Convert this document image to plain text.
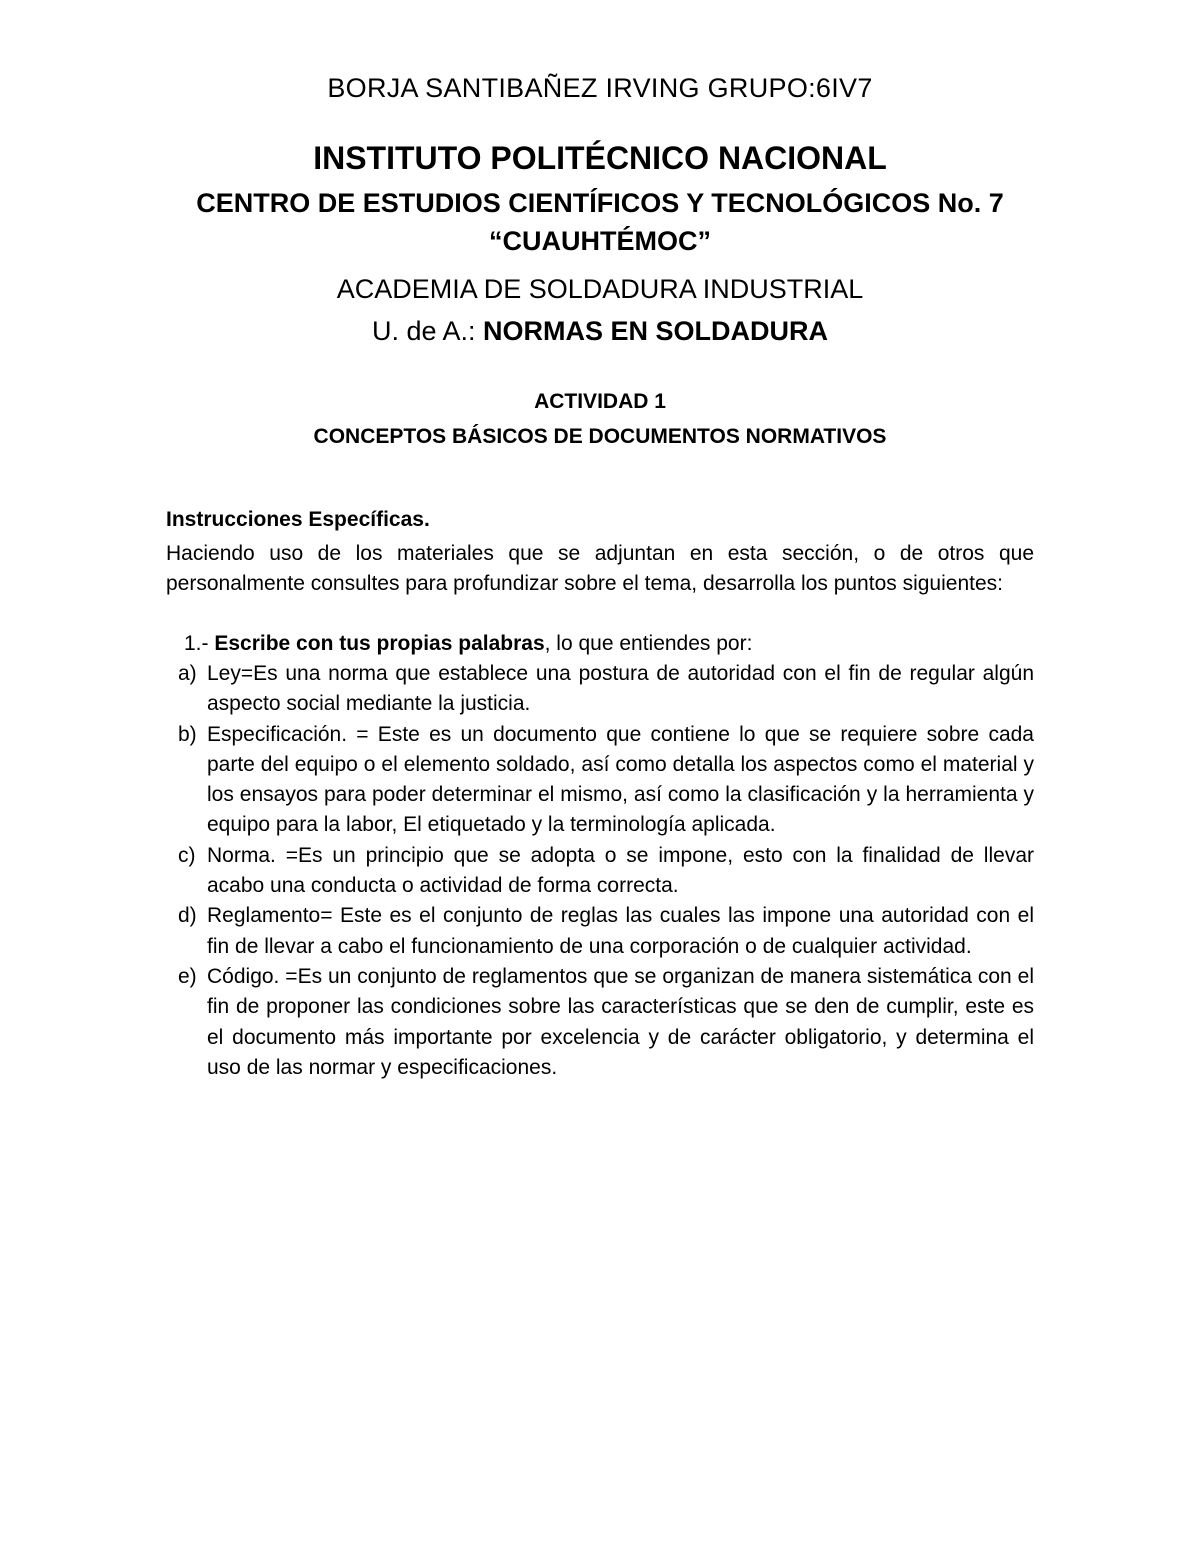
BORJA SANTIBAÑEZ IRVING GRUPO:6IV7
INSTITUTO POLITÉCNICO NACIONAL
CENTRO DE ESTUDIOS CIENTÍFICOS Y TECNOLÓGICOS No. 7 “CUAUHTÉMOC”
ACADEMIA DE SOLDADURA INDUSTRIAL
U. de A.: NORMAS EN SOLDADURA
ACTIVIDAD 1
CONCEPTOS BÁSICOS DE DOCUMENTOS NORMATIVOS
Instrucciones Específicas.
Haciendo uso de los materiales que se adjuntan en esta sección, o de otros que personalmente consultes para profundizar sobre el tema, desarrolla los puntos siguientes:
1.- Escribe con tus propias palabras, lo que entiendes por:
a) Ley=Es una norma que establece una postura de autoridad con el fin de regular algún aspecto social mediante la justicia.
b) Especificación. = Este es un documento que contiene lo que se requiere sobre cada parte del equipo o el elemento soldado, así como detalla los aspectos como el material y los ensayos para poder determinar el mismo, así como la clasificación y la herramienta y equipo para la labor, El etiquetado y la terminología aplicada.
c) Norma. =Es un principio que se adopta o se impone, esto con la finalidad de llevar acabo una conducta o actividad de forma correcta.
d) Reglamento= Este es el conjunto de reglas las cuales las impone una autoridad con el fin de llevar a cabo el funcionamiento de una corporación o de cualquier actividad.
e) Código. =Es un conjunto de reglamentos que se organizan de manera sistemática con el fin de proponer las condiciones sobre las características que se den de cumplir, este es el documento más importante por excelencia y de carácter obligatorio, y determina el uso de las normar y especificaciones.
